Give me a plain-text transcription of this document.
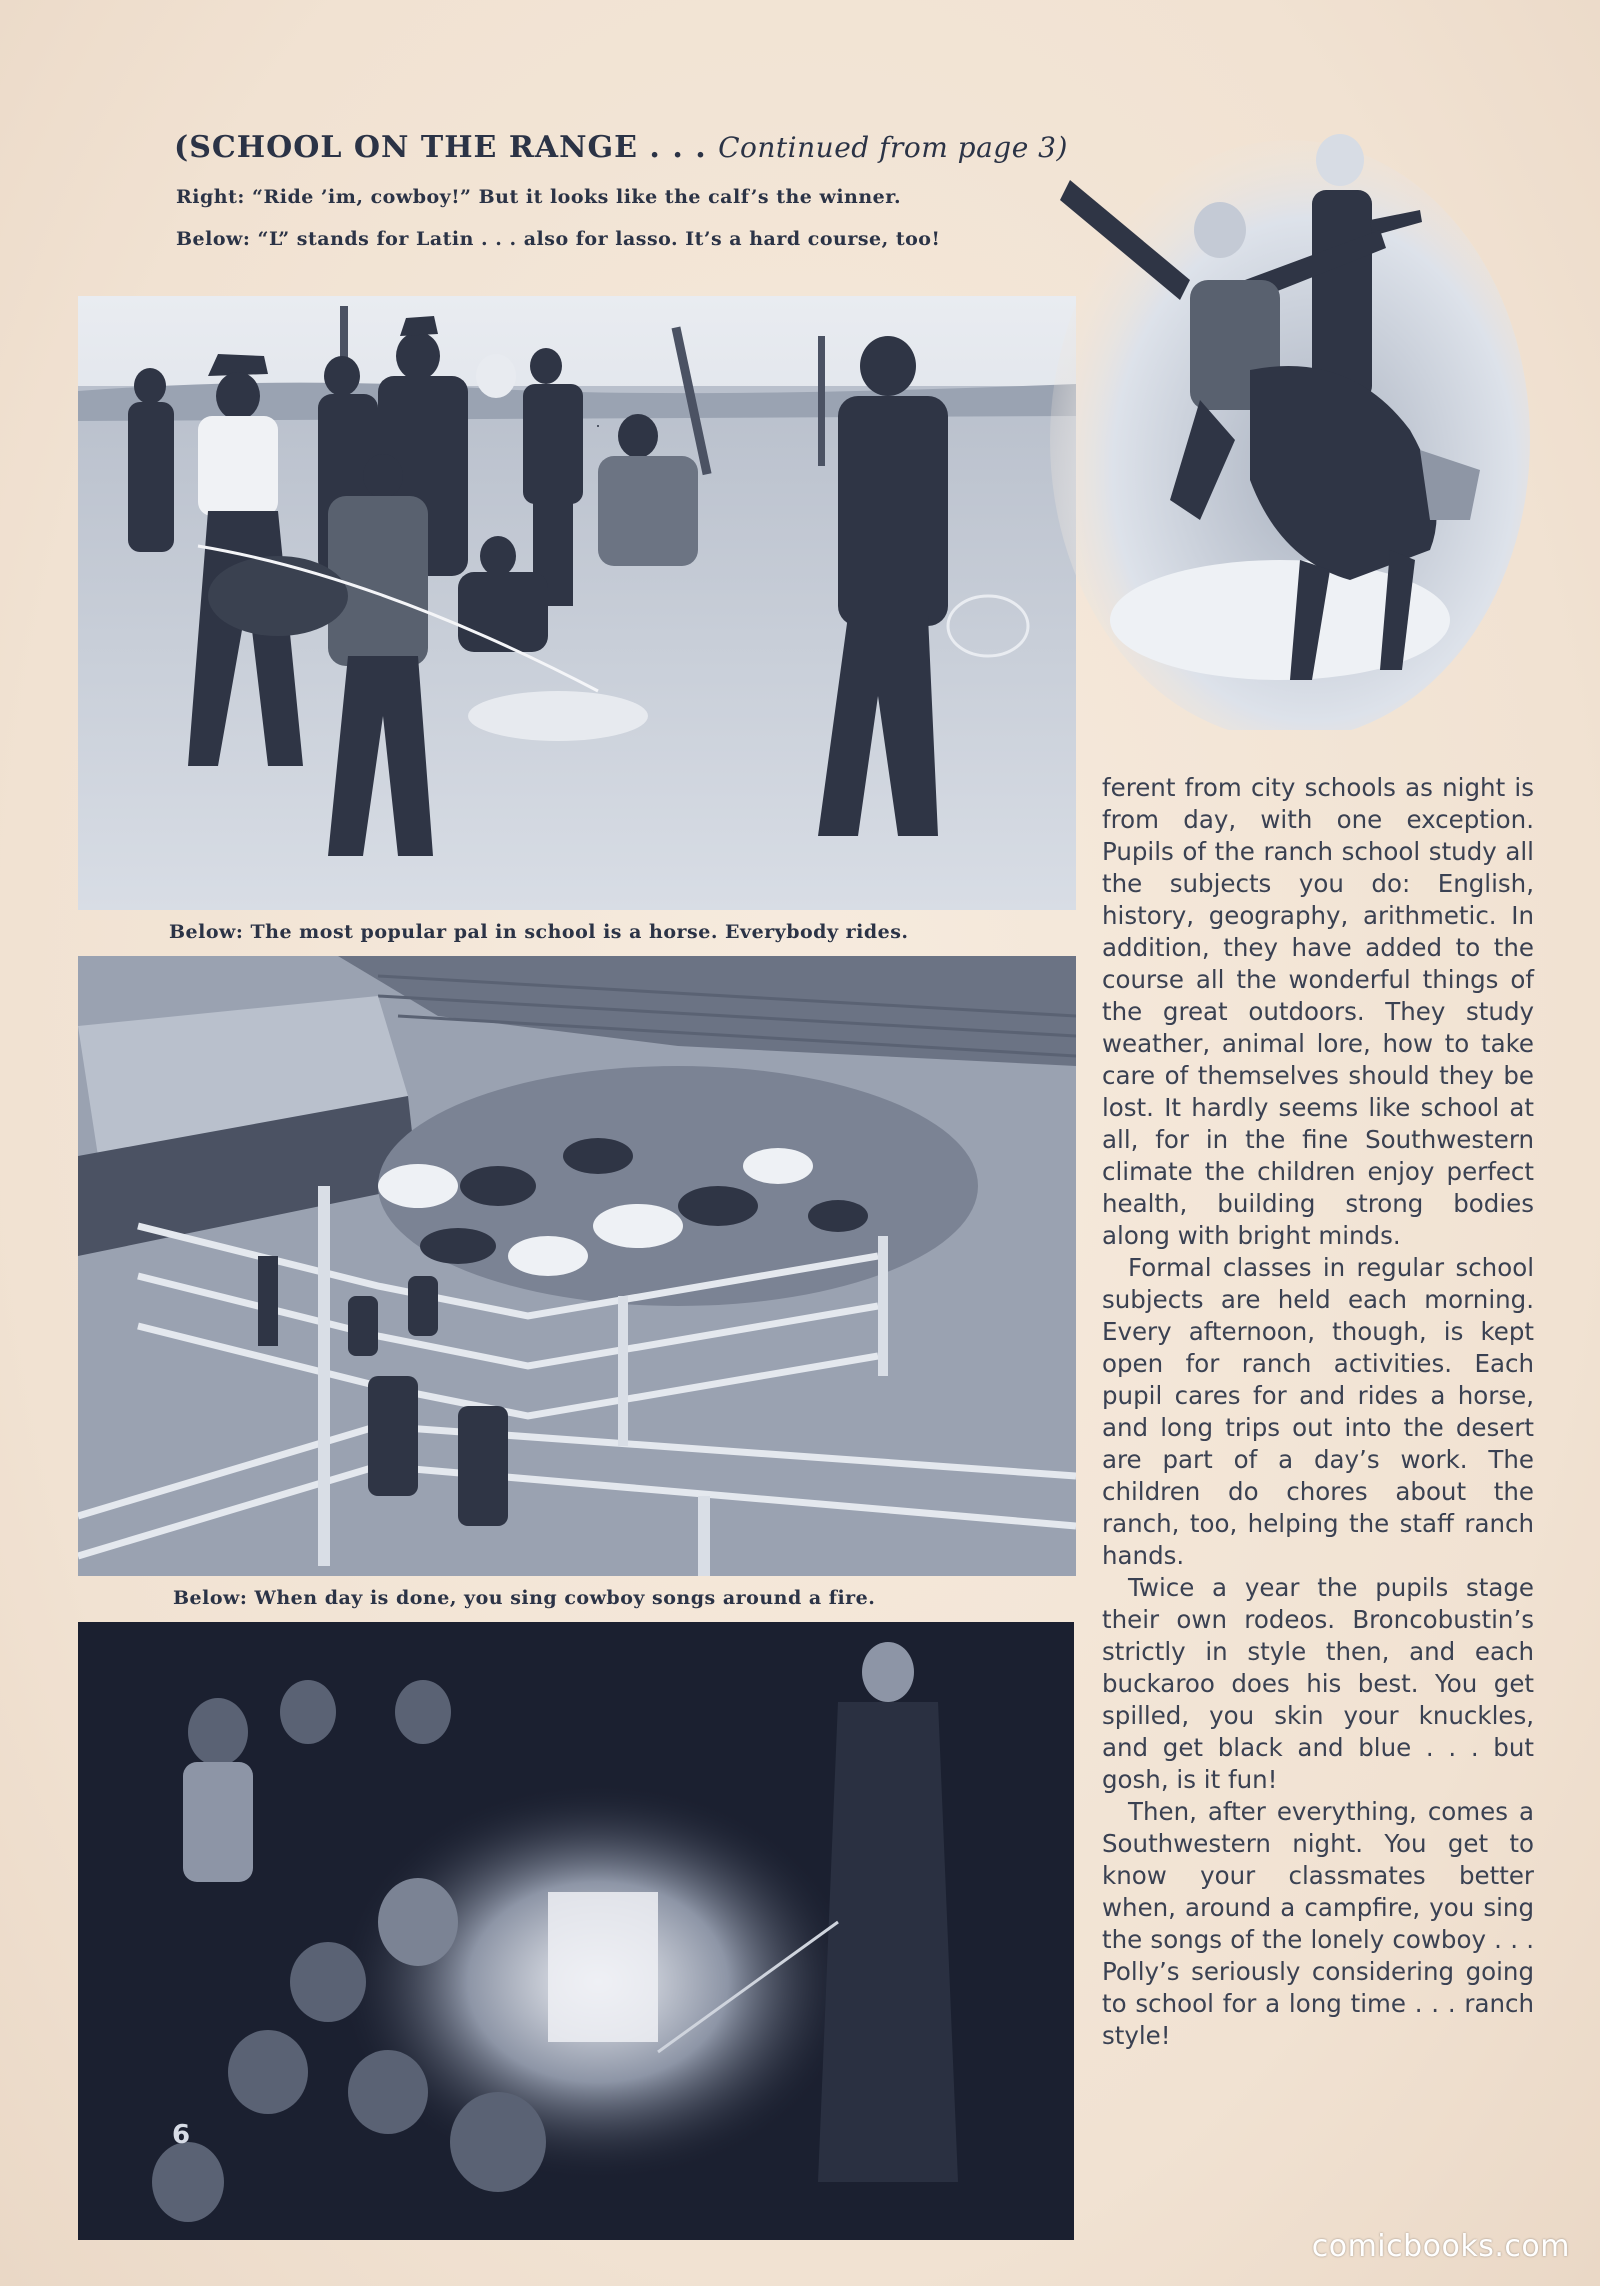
(SCHOOL ON THE RANGE . . . Continued from page 3)
Right: “Ride ’im, cowboy!” But it looks like the calf’s the winner.
Below: “L” stands for Latin . . . also for lasso. It’s a hard course, too!
Below: The most popular pal in school is a horse. Everybody rides.
Below: When day is done, you sing cowboy songs around a fire.
6

ferent from city schools as night is from day, with one exception. Pupils of the ranch school study all the subjects you do: English, history, geography, arithmetic. In addition, they have added to the course all the wonderful things of the great outdoors. They study weather, animal lore, how to take care of themselves should they be lost. It hardly seems like school at all, for in the fine Southwestern climate the children enjoy perfect health, building strong bodies along with bright minds.

Formal classes in regular school subjects are held each morning. Every afternoon, though, is kept open for ranch activities. Each pupil cares for and rides a horse, and long trips out into the desert are part of a day’s work. The children do chores about the ranch, too, helping the staff ranch hands.

Twice a year the pupils stage their own rodeos. Broncobustin’s strictly in style then, and each buckaroo does his best. You get spilled, you skin your knuckles, and get black and blue . . . but gosh, is it fun!

Then, after everything, comes a Southwestern night. You get to know your classmates better when, around a campfire, you sing the songs of the lonely cowboy . . . Polly’s seriously considering going to school for a long time . . . ranch style!

comicbooks.com
